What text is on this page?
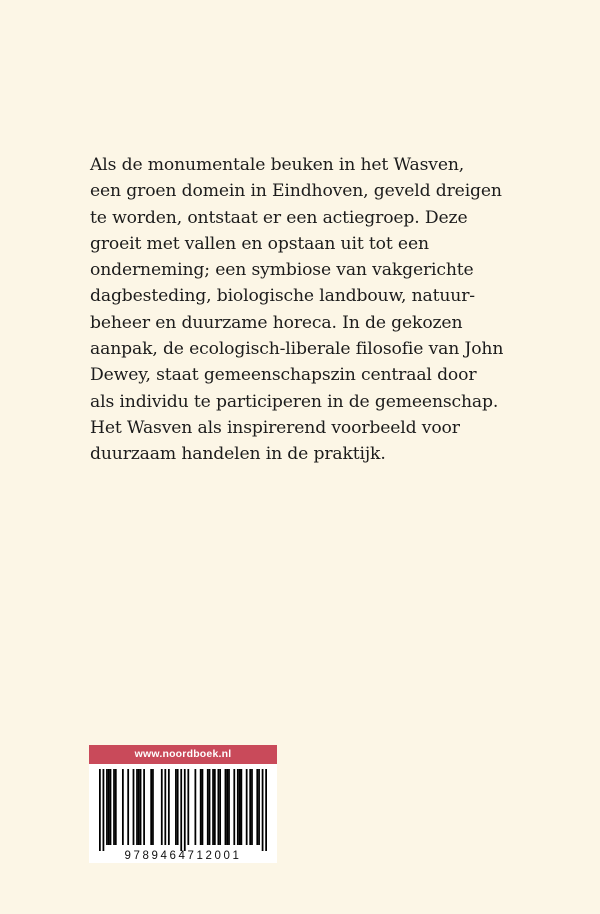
Als de monumentale beuken in het Wasven,
een groen domein in Eindhoven, geveld dreigen
te worden, ontstaat er een actiegroep. Deze
groeit met vallen en opstaan uit tot een
onderneming; een symbiose van vakgerichte
dagbesteding, biologische landbouw, natuur-
beheer en duurzame horeca. In de gekozen
aanpak, de ecologisch-liberale filosofie van John
Dewey, staat gemeenschapszin centraal door
als individu te participeren in de gemeenschap.
Het Wasven als inspirerend voorbeeld voor
duurzaam handelen in de praktijk.
www.noordboek.nl
9789464712001
